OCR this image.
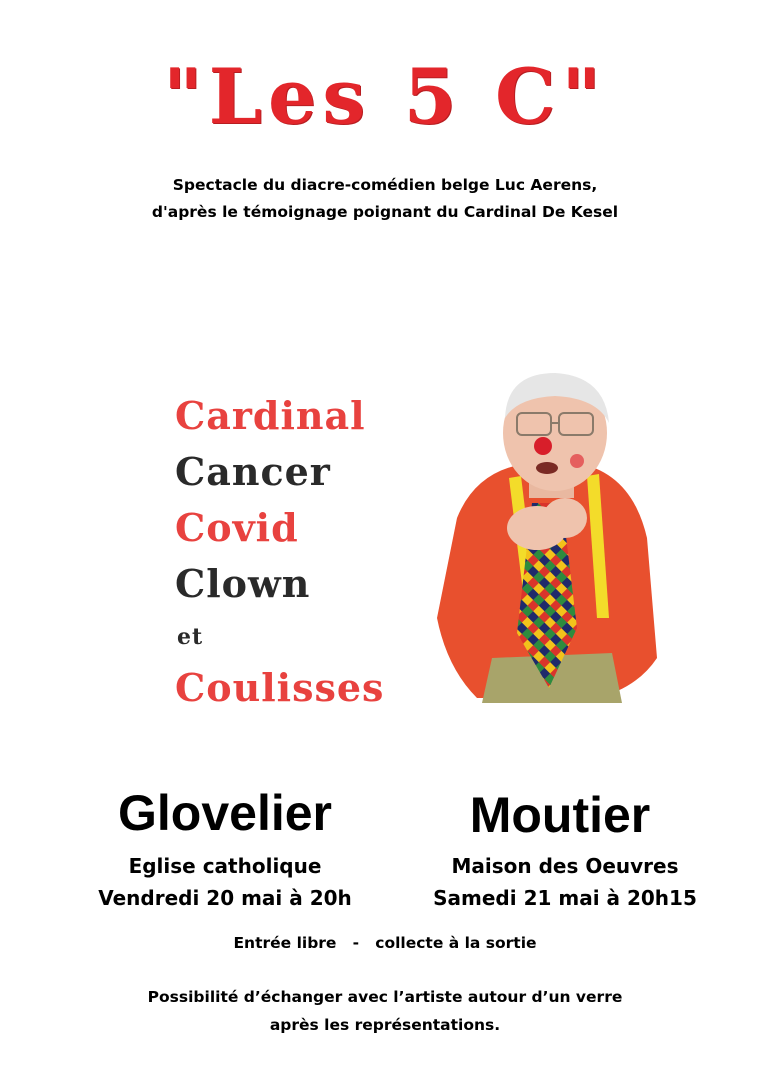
"Les 5 C"
Spectacle du diacre-comédien belge Luc Aerens,
d'après le témoignage poignant du Cardinal De Kesel
Cardinal
Cancer
Covid
Clown
et
Coulisses
Glovelier	Moutier
Eglise catholique
Vendredi 20 mai à 20h
Maison des Oeuvres
Samedi 21 mai à 20h15
Entrée libre   -   collecte à la sortie
Possibilité d’échanger avec l’artiste autour d’un verre
après les représentations.
